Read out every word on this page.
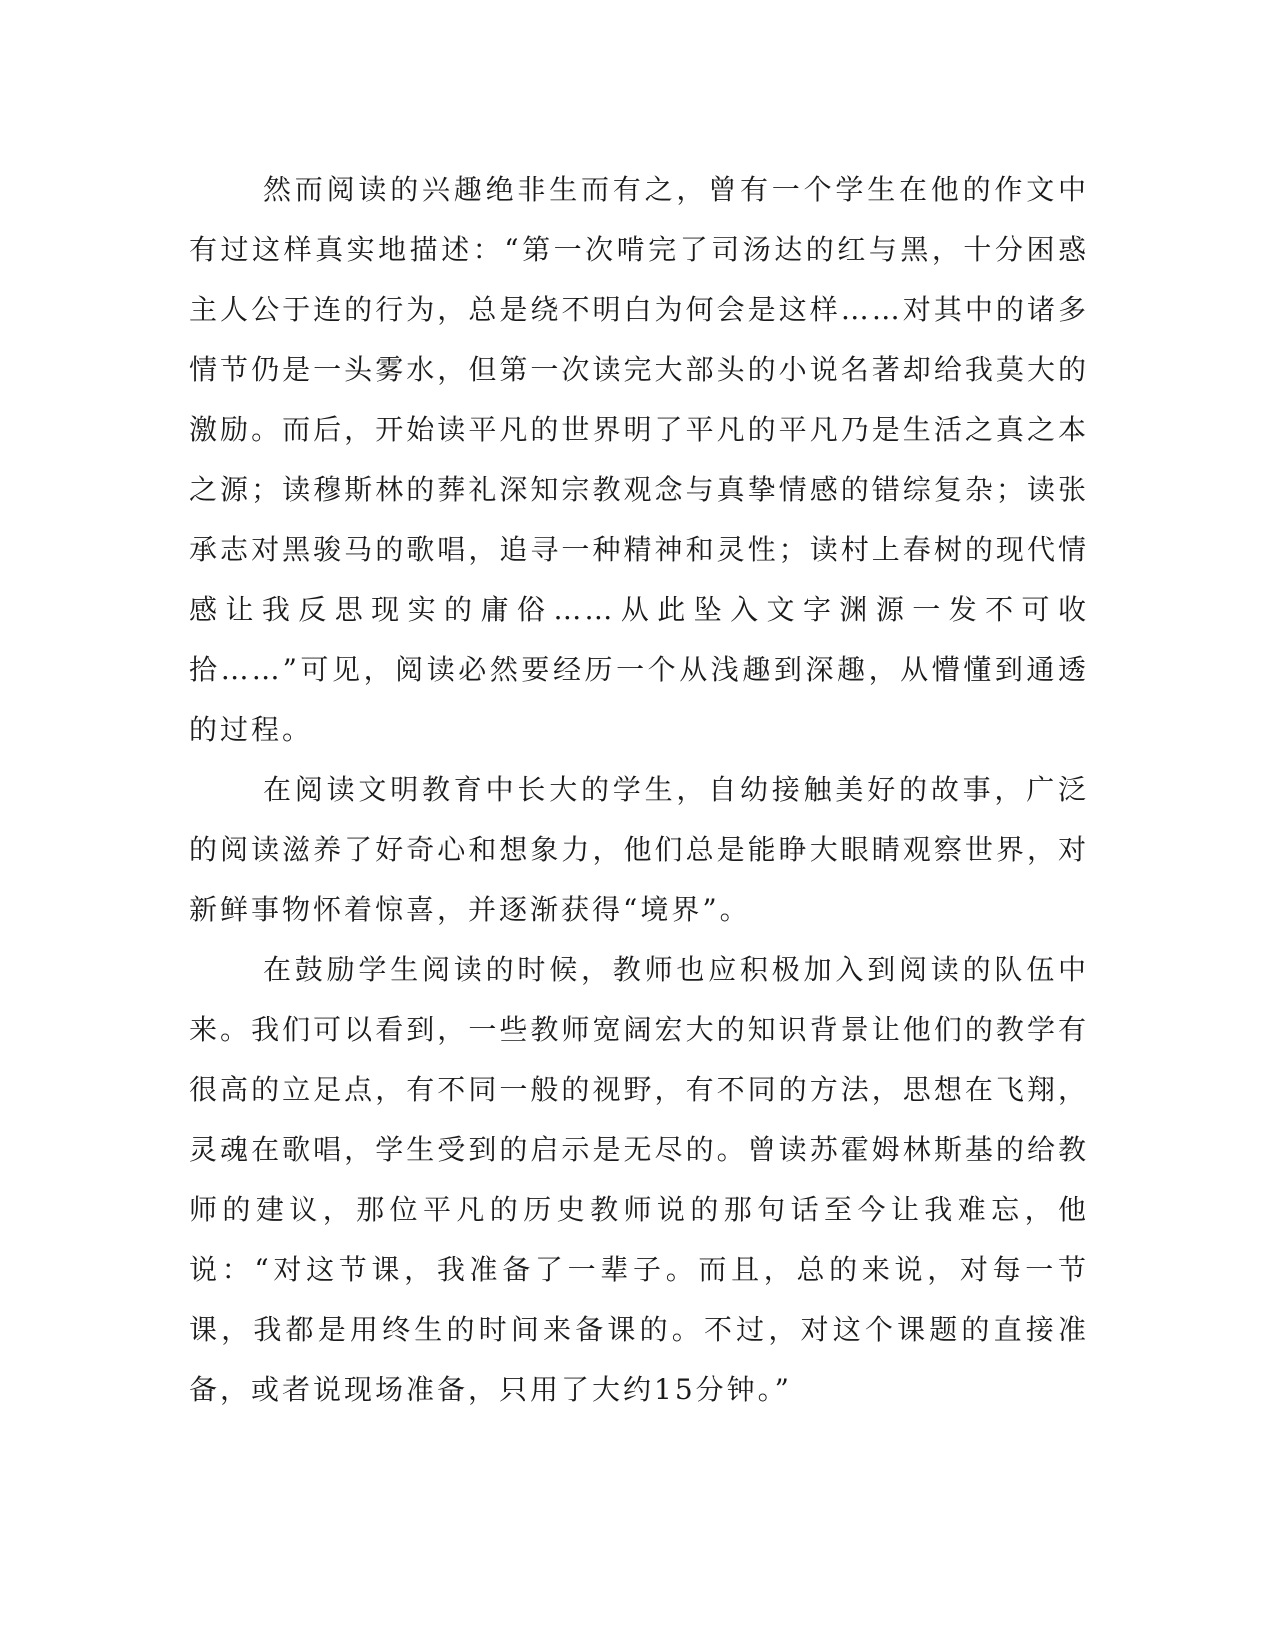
然而阅读的兴趣绝非生而有之，曾有一个学生在他的作文中有过这样真实地描述：“第一次啃完了司汤达的红与黑，十分困惑主人公于连的行为，总是绕不明白为何会是这样……对其中的诸多情节仍是一头雾水，但第一次读完大部头的小说名著却给我莫大的激励。而后，开始读平凡的世界明了平凡的平凡乃是生活之真之本之源；读穆斯林的葬礼深知宗教观念与真挚情感的错综复杂；读张承志对黑骏马的歌唱，追寻一种精神和灵性；读村上春树的现代情感让我反思现实的庸俗……从此坠入文字渊源一发不可收拾……”可见，阅读必然要经历一个从浅趣到深趣，从懵懂到通透的过程。

在阅读文明教育中长大的学生，自幼接触美好的故事，广泛的阅读滋养了好奇心和想象力，他们总是能睁大眼睛观察世界，对新鲜事物怀着惊喜，并逐渐获得“境界”。

在鼓励学生阅读的时候，教师也应积极加入到阅读的队伍中来。我们可以看到，一些教师宽阔宏大的知识背景让他们的教学有很高的立足点，有不同一般的视野，有不同的方法，思想在飞翔，灵魂在歌唱，学生受到的启示是无尽的。曾读苏霍姆林斯基的给教师的建议，那位平凡的历史教师说的那句话至今让我难忘，他说：“对这节课，我准备了一辈子。而且，总的来说，对每一节课，我都是用终生的时间来备课的。不过，对这个课题的直接准备，或者说现场准备，只用了大约15分钟。”
